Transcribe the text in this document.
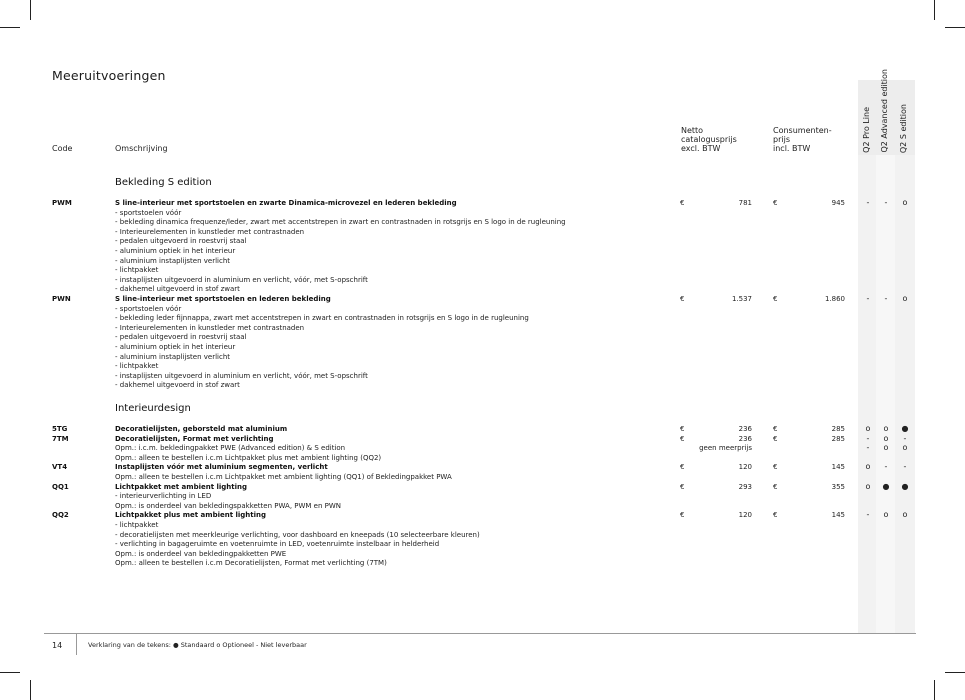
Meeruitvoeringen
Q2 Pro Line Q2 Advanced edition Q2 S edition
Code	Omschrijving
Netto
catalogusprijs
excl. BTW
Consumenten-
prijs
incl. BTW
Bekleding S edition
PWM	S line-interieur met sportstoelen en zwarte Dinamica-microvezel en lederen bekleding	€	781	€	945	-	-	o
- sportstoelen vóór
- bekleding dinamica frequenze/leder, zwart met accentstrepen in zwart en contrastnaden in rotsgrijs en S logo in de rugleuning
- Interieurelementen in kunstleder met contrastnaden
- pedalen uitgevoerd in roestvrij staal
- aluminium optiek in het interieur
- aluminium instaplijsten verlicht
- lichtpakket
- instaplijsten uitgevoerd in aluminium en verlicht, vóór, met S-opschrift
- dakhemel uitgevoerd in stof zwart
PWN	S line-interieur met sportstoelen en lederen bekleding	€	1.537	€	1.860	-	-	o
- sportstoelen vóór
- bekleding leder fijnnappa, zwart met accentstrepen in zwart en contrastnaden in rotsgrijs en S logo in de rugleuning
- Interieurelementen in kunstleder met contrastnaden
- pedalen uitgevoerd in roestvrij staal
- aluminium optiek in het interieur
- aluminium instaplijsten verlicht
- lichtpakket
- instaplijsten uitgevoerd in aluminium en verlicht, vóór, met S-opschrift
- dakhemel uitgevoerd in stof zwart
Interieurdesign
5TG	Decoratielijsten, geborsteld mat aluminium	€	236	€	285	o	o	●
7TM	Decoratielijsten, Format met verlichting	€	236	€	285	-	o	-
Opm.: i.c.m. bekledingpakket PWE (Advanced edition) & S edition	geen meerprijs	-	o	o
Opm.: alleen te bestellen i.c.m Lichtpakket plus met ambient lighting (QQ2)
VT4	Instaplijsten vóór met aluminium segmenten, verlicht	€	120	€	145	o	-	-
Opm.: alleen te bestellen i.c.m Lichtpakket met ambient lighting (QQ1) of Bekledingpakket PWA
QQ1	Lichtpakket met ambient lighting	€	293	€	355	o	●	●
- interieurverlichting in LED
Opm.: is onderdeel van bekledingspakketten PWA, PWM en PWN
QQ2	Lichtpakket plus met ambient lighting	€	120	€	145	-	o	o
- lichtpakket
- decoratielijsten met meerkleurige verlichting, voor dashboard en kneepads (10 selecteerbare kleuren)
- verlichting in bagageruimte en voetenruimte in LED, voetenruimte instelbaar in helderheid
Opm.: is onderdeel van bekledingpakketten PWE
Opm.: alleen te bestellen i.c.m Decoratielijsten, Format met verlichting (7TM)
14	Verklaring van de tekens: ● Standaard o Optioneel - Niet leverbaar
